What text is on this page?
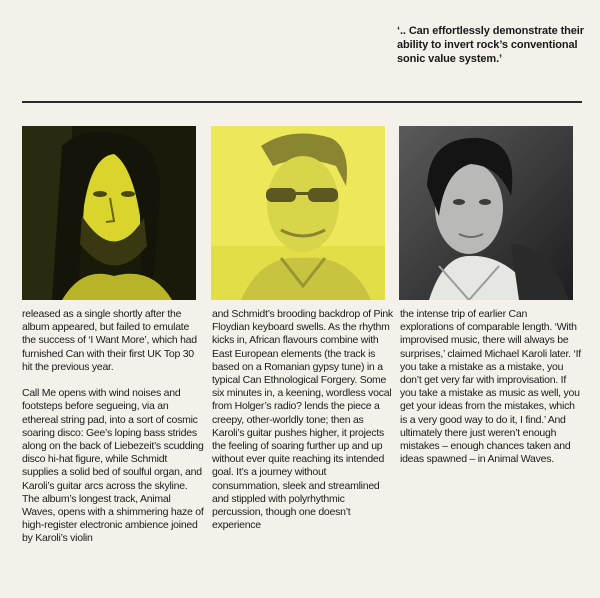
‘.. Can effortlessly demonstrate their ability to invert rock’s conventional sonic value system.’

released as a single shortly after the album appeared, but failed to emulate the success of ‘I Want More’, which had furnished Can with their first UK Top 30 hit the previous year.

Call Me opens with wind noises and footsteps before segueing, via an ethereal string pad, into a sort of cosmic soaring disco: Gee’s loping bass strides along on the back of Liebezeit’s scudding disco hi-hat figure, while Schmidt supplies a solid bed of soulful organ, and Karoli’s guitar arcs across the skyline. The album’s longest track, Animal Waves, opens with a shimmering haze of high-register electronic ambience joined by Karoli’s violin

and Schmidt’s brooding backdrop of Pink Floydian keyboard swells. As the rhythm kicks in, African flavours combine with East European elements (the track is based on a Romanian gypsy tune) in a typical Can Ethnological Forgery. Some six minutes in, a keening, wordless vocal from Holger’s radio? lends the piece a creepy, other-worldly tone; then as Karoli’s guitar pushes higher, it projects the feeling of soaring further up and up without ever quite reaching its intended goal. It’s a journey without consummation, sleek and streamlined and stippled with polyrhythmic percussion, though one doesn’t experience

the intense trip of earlier Can explorations of comparable length. ‘With improvised music, there will always be surprises,’ claimed Michael Karoli later. ‘If you take a mistake as a mistake, you don’t get very far with improvisation. If you take a mistake as music as well, you get your ideas from the mistakes, which is a very good way to do it, I find.’ And ultimately there just weren’t enough mistakes – enough chances taken and ideas spawned – in Animal Waves.
